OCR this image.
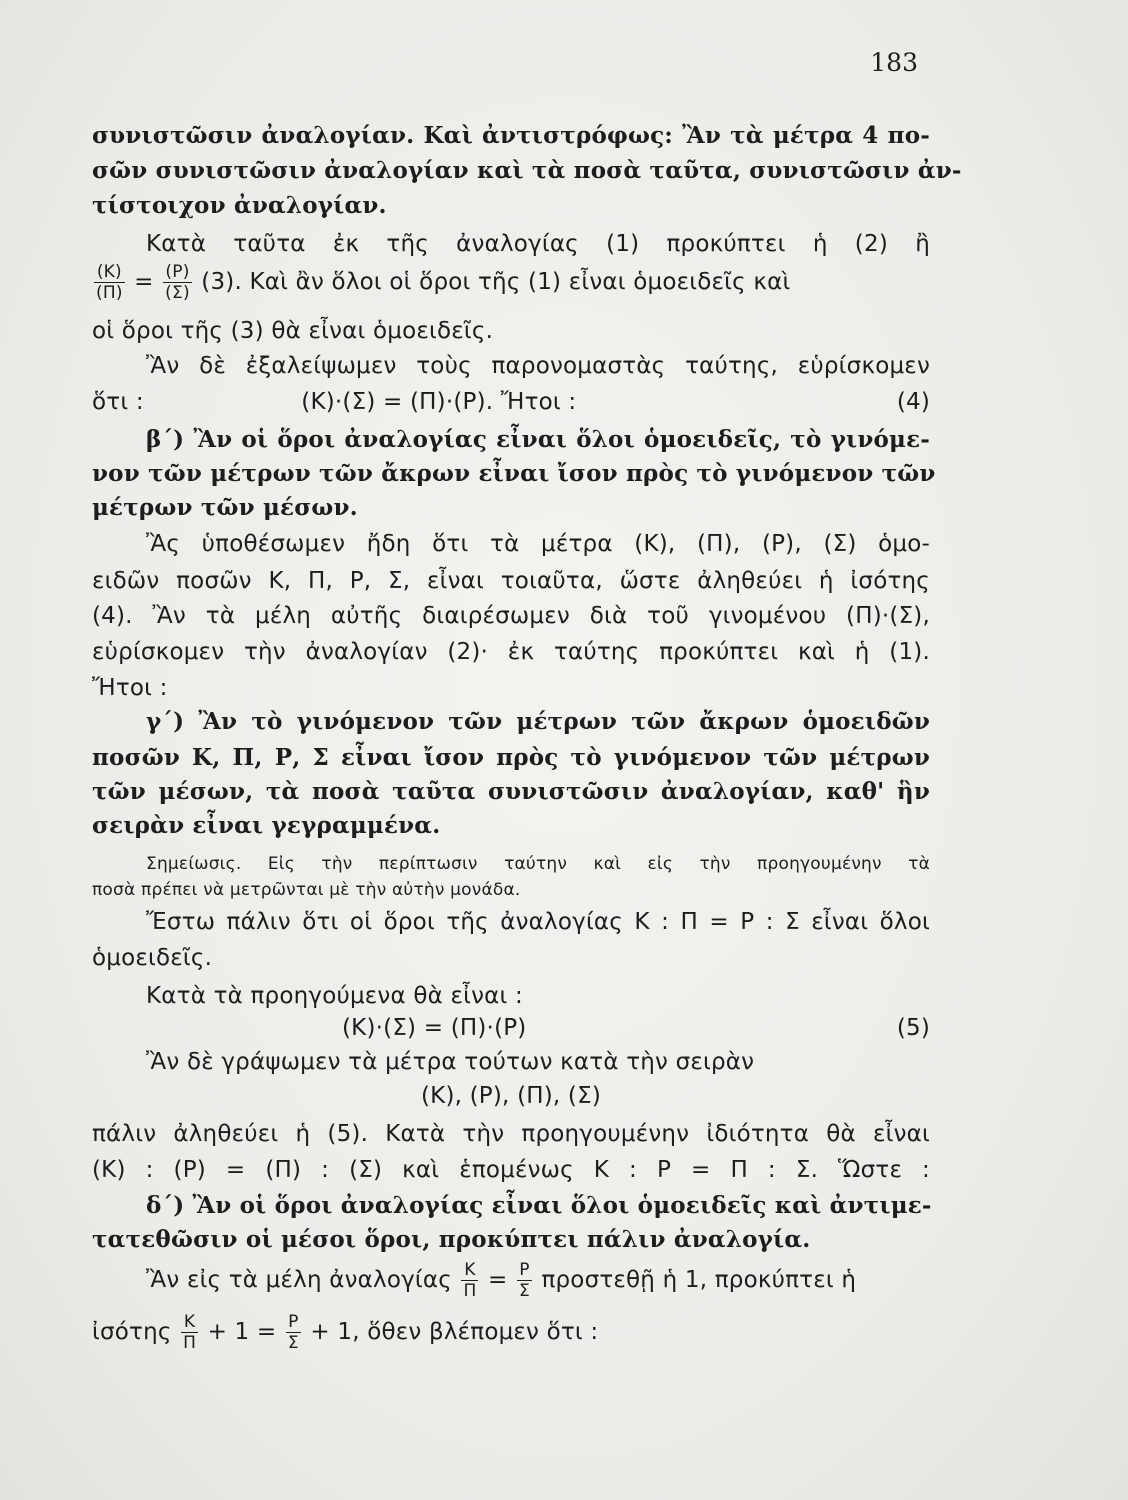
183
συνιστῶσιν ἀναλογίαν. Καὶ ἀντιστρόφως: Ἂν τὰ μέτρα 4 πο-
σῶν συνιστῶσιν ἀναλογίαν καὶ τὰ ποσὰ ταῦτα, συνιστῶσιν ἀν-
τίστοιχον ἀναλογίαν.
Κατὰ ταῦτα ἐκ τῆς ἀναλογίας (1) προκύπτει ἡ (2) ἢ
$\frac{(K)}{(\Pi)} = \frac{(P)}{(\Sigma)} (3)$. Καὶ ἂν ὅλοι οἱ ὅροι τῆς (1) εἶναι ὁμοειδεῖς καὶ
οἱ ὅροι τῆς (3) θὰ εἶναι ὁμοειδεῖς.
Ἂν δὲ ἐξαλείψωμεν τοὺς παρονομαστὰς ταύτης, εὑρίσκομεν
ὅτι :	(Κ)·(Σ) = (Π)·(Ρ). Ἤτοι :	(4)
β΄) Ἂν οἱ ὅροι ἀναλογίας εἶναι ὅλοι ὁμοειδεῖς, τὸ γινόμε-
νον τῶν μέτρων τῶν ἄκρων εἶναι ἴσον πρὸς τὸ γινόμενον τῶν
μέτρων τῶν μέσων.
Ἂς ὑποθέσωμεν ἤδη ὅτι τὰ μέτρα (Κ), (Π), (Ρ), (Σ) ὁμο-
ειδῶν ποσῶν Κ, Π, Ρ, Σ, εἶναι τοιαῦτα, ὥστε ἀληθεύει ἡ ἰσότης
(4). Ἂν τὰ μέλη αὐτῆς διαιρέσωμεν διὰ τοῦ γινομένου (Π)·(Σ),
εὑρίσκομεν τὴν ἀναλογίαν (2)· ἐκ ταύτης προκύπτει καὶ ἡ (1).
Ἤτοι :
γ΄) Ἂν τὸ γινόμενον τῶν μέτρων τῶν ἄκρων ὁμοειδῶν
ποσῶν Κ, Π, Ρ, Σ εἶναι ἴσον πρὸς τὸ γινόμενον τῶν μέτρων
τῶν μέσων, τὰ ποσὰ ταῦτα συνιστῶσιν ἀναλογίαν, καθ' ἣν
σειρὰν εἶναι γεγραμμένα.
Σημείωσις. Εἰς τὴν περίπτωσιν ταύτην καὶ εἰς τὴν προηγουμένην τὰ
ποσὰ πρέπει νὰ μετρῶνται μὲ τὴν αὐτὴν μονάδα.
Ἔστω πάλιν ὅτι οἱ ὅροι τῆς ἀναλογίας Κ : Π = Ρ : Σ εἶναι ὅλοι
ὁμοειδεῖς.
Κατὰ τὰ προηγούμενα θὰ εἶναι :
(Κ)·(Σ) = (Π)·(Ρ)	(5)
Ἂν δὲ γράψωμεν τὰ μέτρα τούτων κατὰ τὴν σειρὰν
(Κ), (Ρ), (Π), (Σ)
πάλιν ἀληθεύει ἡ (5). Κατὰ τὴν προηγουμένην ἰδιότητα θὰ εἶναι
(Κ) : (Ρ) = (Π) : (Σ) καὶ ἑπομένως Κ : Ρ = Π : Σ. Ὥστε :
δ΄) Ἂν οἱ ὅροι ἀναλογίας εἶναι ὅλοι ὁμοειδεῖς καὶ ἀντιμε-
τατεθῶσιν οἱ μέσοι ὅροι, προκύπτει πάλιν ἀναλογία.
Ἂν εἰς τὰ μέλη ἀναλογίας $\frac{K}{\Pi} = \frac{P}{\Sigma}$ προστεθῇ ἡ 1, προκύπτει ἡ
ἰσότης $\frac{K}{\Pi} + 1 = \frac{P}{\Sigma} + 1$, ὅθεν βλέπομεν ὅτι :
